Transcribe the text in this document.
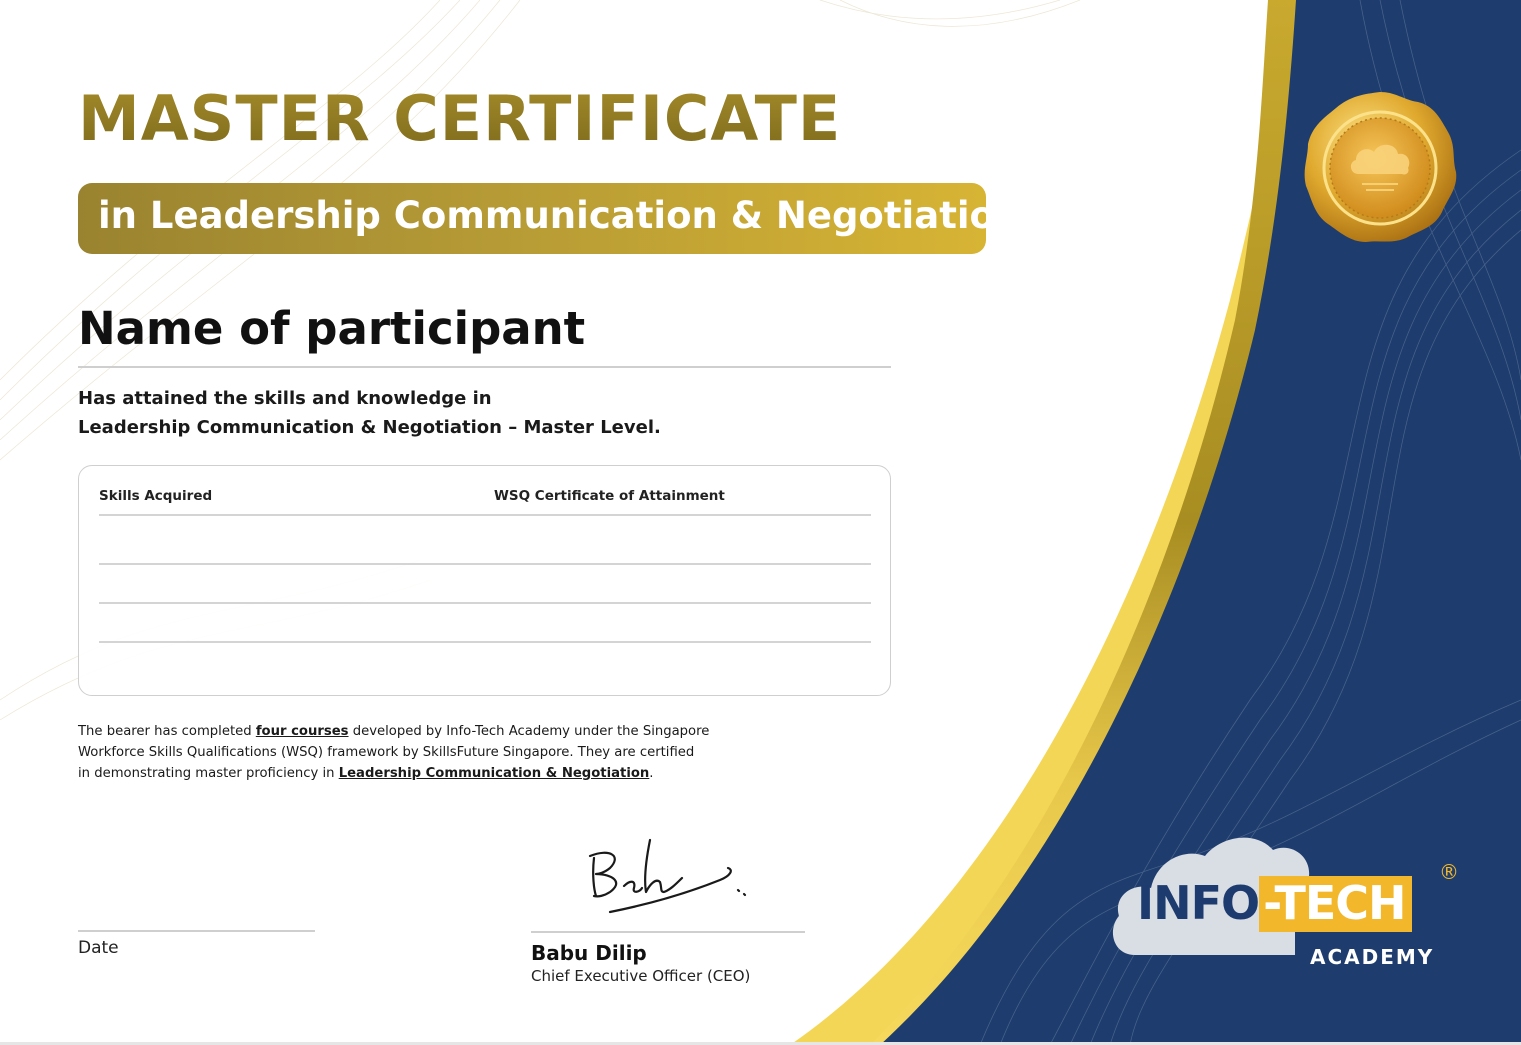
MASTER CERTIFICATE
in Leadership Communication & Negotiation
Name of participant
Has attained the skills and knowledge in
Leadership Communication & Negotiation – Master Level.
Skills Acquired	WSQ Certificate of Attainment
The bearer has completed four courses developed by Info-Tech Academy under the Singapore
Workforce Skills Qualifications (WSQ) framework by SkillsFuture Singapore. They are certified
in demonstrating master proficiency in Leadership Communication & Negotiation.
Date	Babu Dilip
Chief Executive Officer (CEO)
INFO-TECH
ACADEMY
®
